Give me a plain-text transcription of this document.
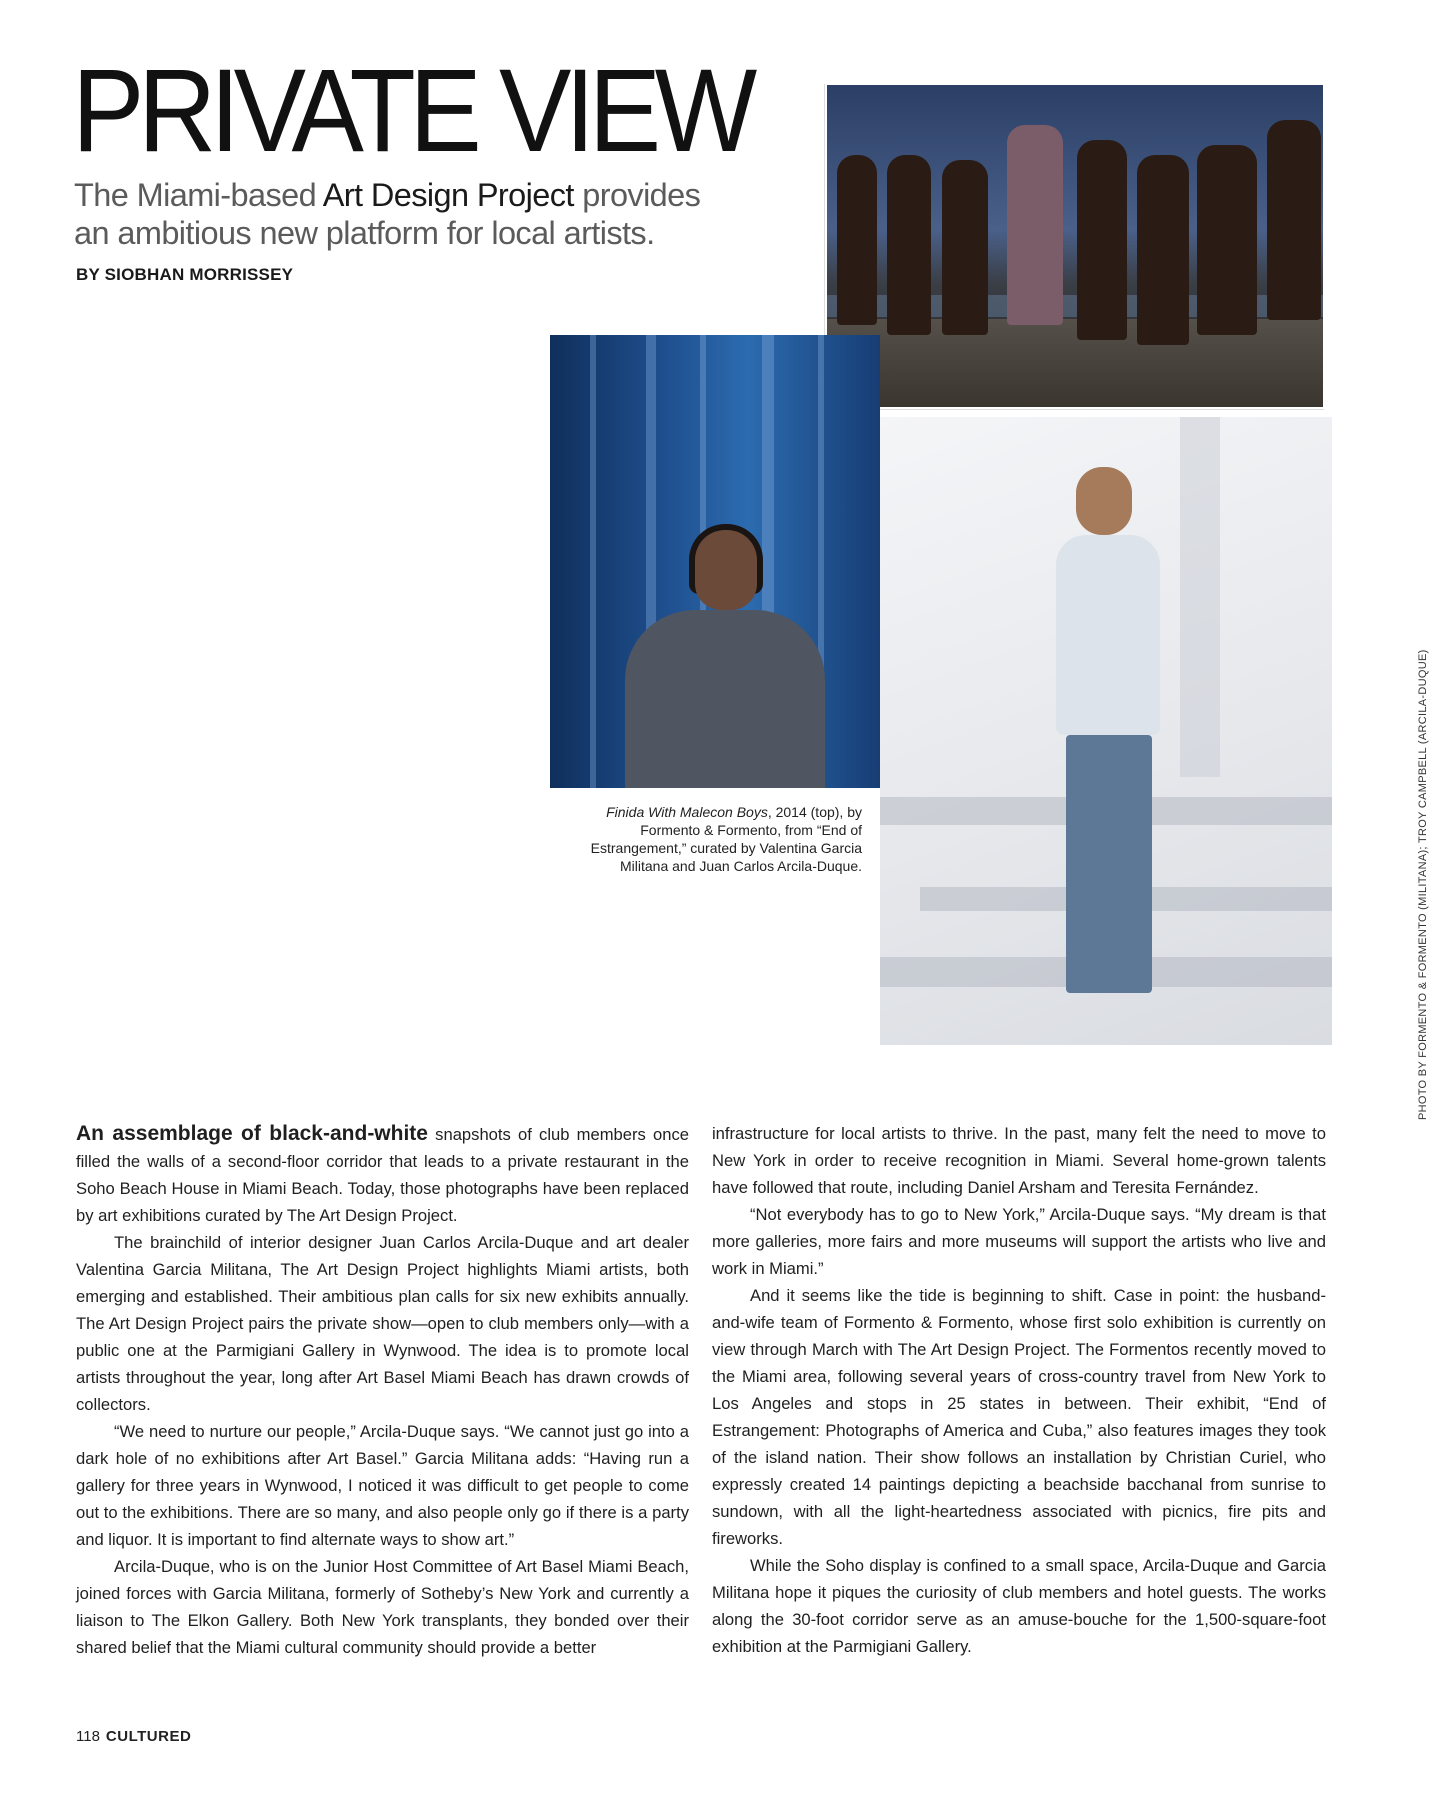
PRIVATE VIEW
The Miami-based Art Design Project provides an ambitious new platform for local artists.
BY SIOBHAN MORRISSEY
Finida With Malecon Boys, 2014 (top), by Formento & Formento, from “End of Estrangement,” curated by Valentina Garcia Militana and Juan Carlos Arcila-Duque.	PHOTO BY FORMENTO & FORMENTO (MILITANA); TROY CAMPBELL (ARCILA-DUQUE)

An assemblage of black-and-white snapshots of club members once filled the walls of a second-floor corridor that leads to a private restaurant in the Soho Beach House in Miami Beach. Today, those photographs have been replaced by art exhibitions curated by The Art Design Project.

The brainchild of interior designer Juan Carlos Arcila-Duque and art dealer Valentina Garcia Militana, The Art Design Project highlights Miami artists, both emerging and established. Their ambitious plan calls for six new exhibits annually. The Art Design Project pairs the private show—open to club members only—with a public one at the Parmigiani Gallery in Wynwood. The idea is to promote local artists throughout the year, long after Art Basel Miami Beach has drawn crowds of collectors.

“We need to nurture our people,” Arcila-Duque says. “We cannot just go into a dark hole of no exhibitions after Art Basel.” Garcia Militana adds: “Having run a gallery for three years in Wynwood, I noticed it was difficult to get people to come out to the exhibitions. There are so many, and also people only go if there is a party and liquor. It is important to find alternate ways to show art.”

Arcila-Duque, who is on the Junior Host Committee of Art Basel Miami Beach, joined forces with Garcia Militana, formerly of Sotheby’s New York and currently a liaison to The Elkon Gallery. Both New York transplants, they bonded over their shared belief that the Miami cultural community should provide a better

infrastructure for local artists to thrive. In the past, many felt the need to move to New York in order to receive recognition in Miami. Several home-grown talents have followed that route, including Daniel Arsham and Teresita Fernández.

“Not everybody has to go to New York,” Arcila-Duque says. “My dream is that more galleries, more fairs and more museums will support the artists who live and work in Miami.”

And it seems like the tide is beginning to shift. Case in point: the husband-and-wife team of Formento & Formento, whose first solo exhibition is currently on view through March with The Art Design Project. The Formentos recently moved to the Miami area, following several years of cross-country travel from New York to Los Angeles and stops in 25 states in between. Their exhibit, “End of Estrangement: Photographs of America and Cuba,” also features images they took of the island nation. Their show follows an installation by Christian Curiel, who expressly created 14 paintings depicting a beachside bacchanal from sunrise to sundown, with all the light-heartedness associated with picnics, fire pits and fireworks.

While the Soho display is confined to a small space, Arcila-Duque and Garcia Militana hope it piques the curiosity of club members and hotel guests. The works along the 30-foot corridor serve as an amuse-bouche for the 1,500-square-foot exhibition at the Parmigiani Gallery.

118 CULTURED
